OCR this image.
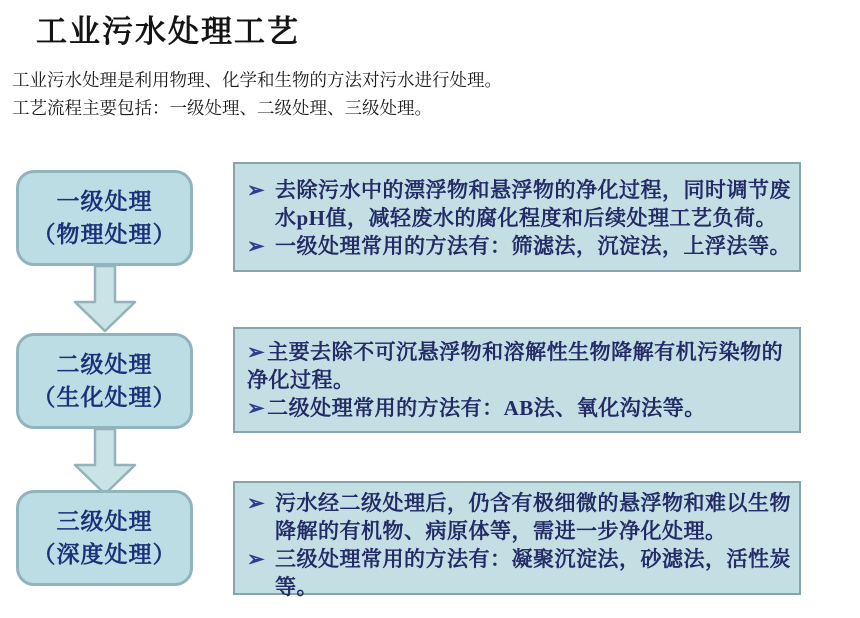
工业污水处理工艺
工业污水处理是利用物理、化学和生物的方法对污水进行处理。
工艺流程主要包括：一级处理、二级处理、三级处理。
一级处理
（物理处理）
二级处理
（生化处理）
三级处理
（深度处理）
➢ 去除污水中的漂浮物和悬浮物的净化过程，同时调节废水pH值，减轻废水的腐化程度和后续处理工艺负荷。
➢ 一级处理常用的方法有：筛滤法，沉淀法，上浮法等。
➢主要去除不可沉悬浮物和溶解性生物降解有机污染物的净化过程。
➢二级处理常用的方法有：AB法、氧化沟法等。
➢ 污水经二级处理后，仍含有极细微的悬浮物和难以生物降解的有机物、病原体等，需进一步净化处理。
➢ 三级处理常用的方法有：凝聚沉淀法，砂滤法，活性炭等。
